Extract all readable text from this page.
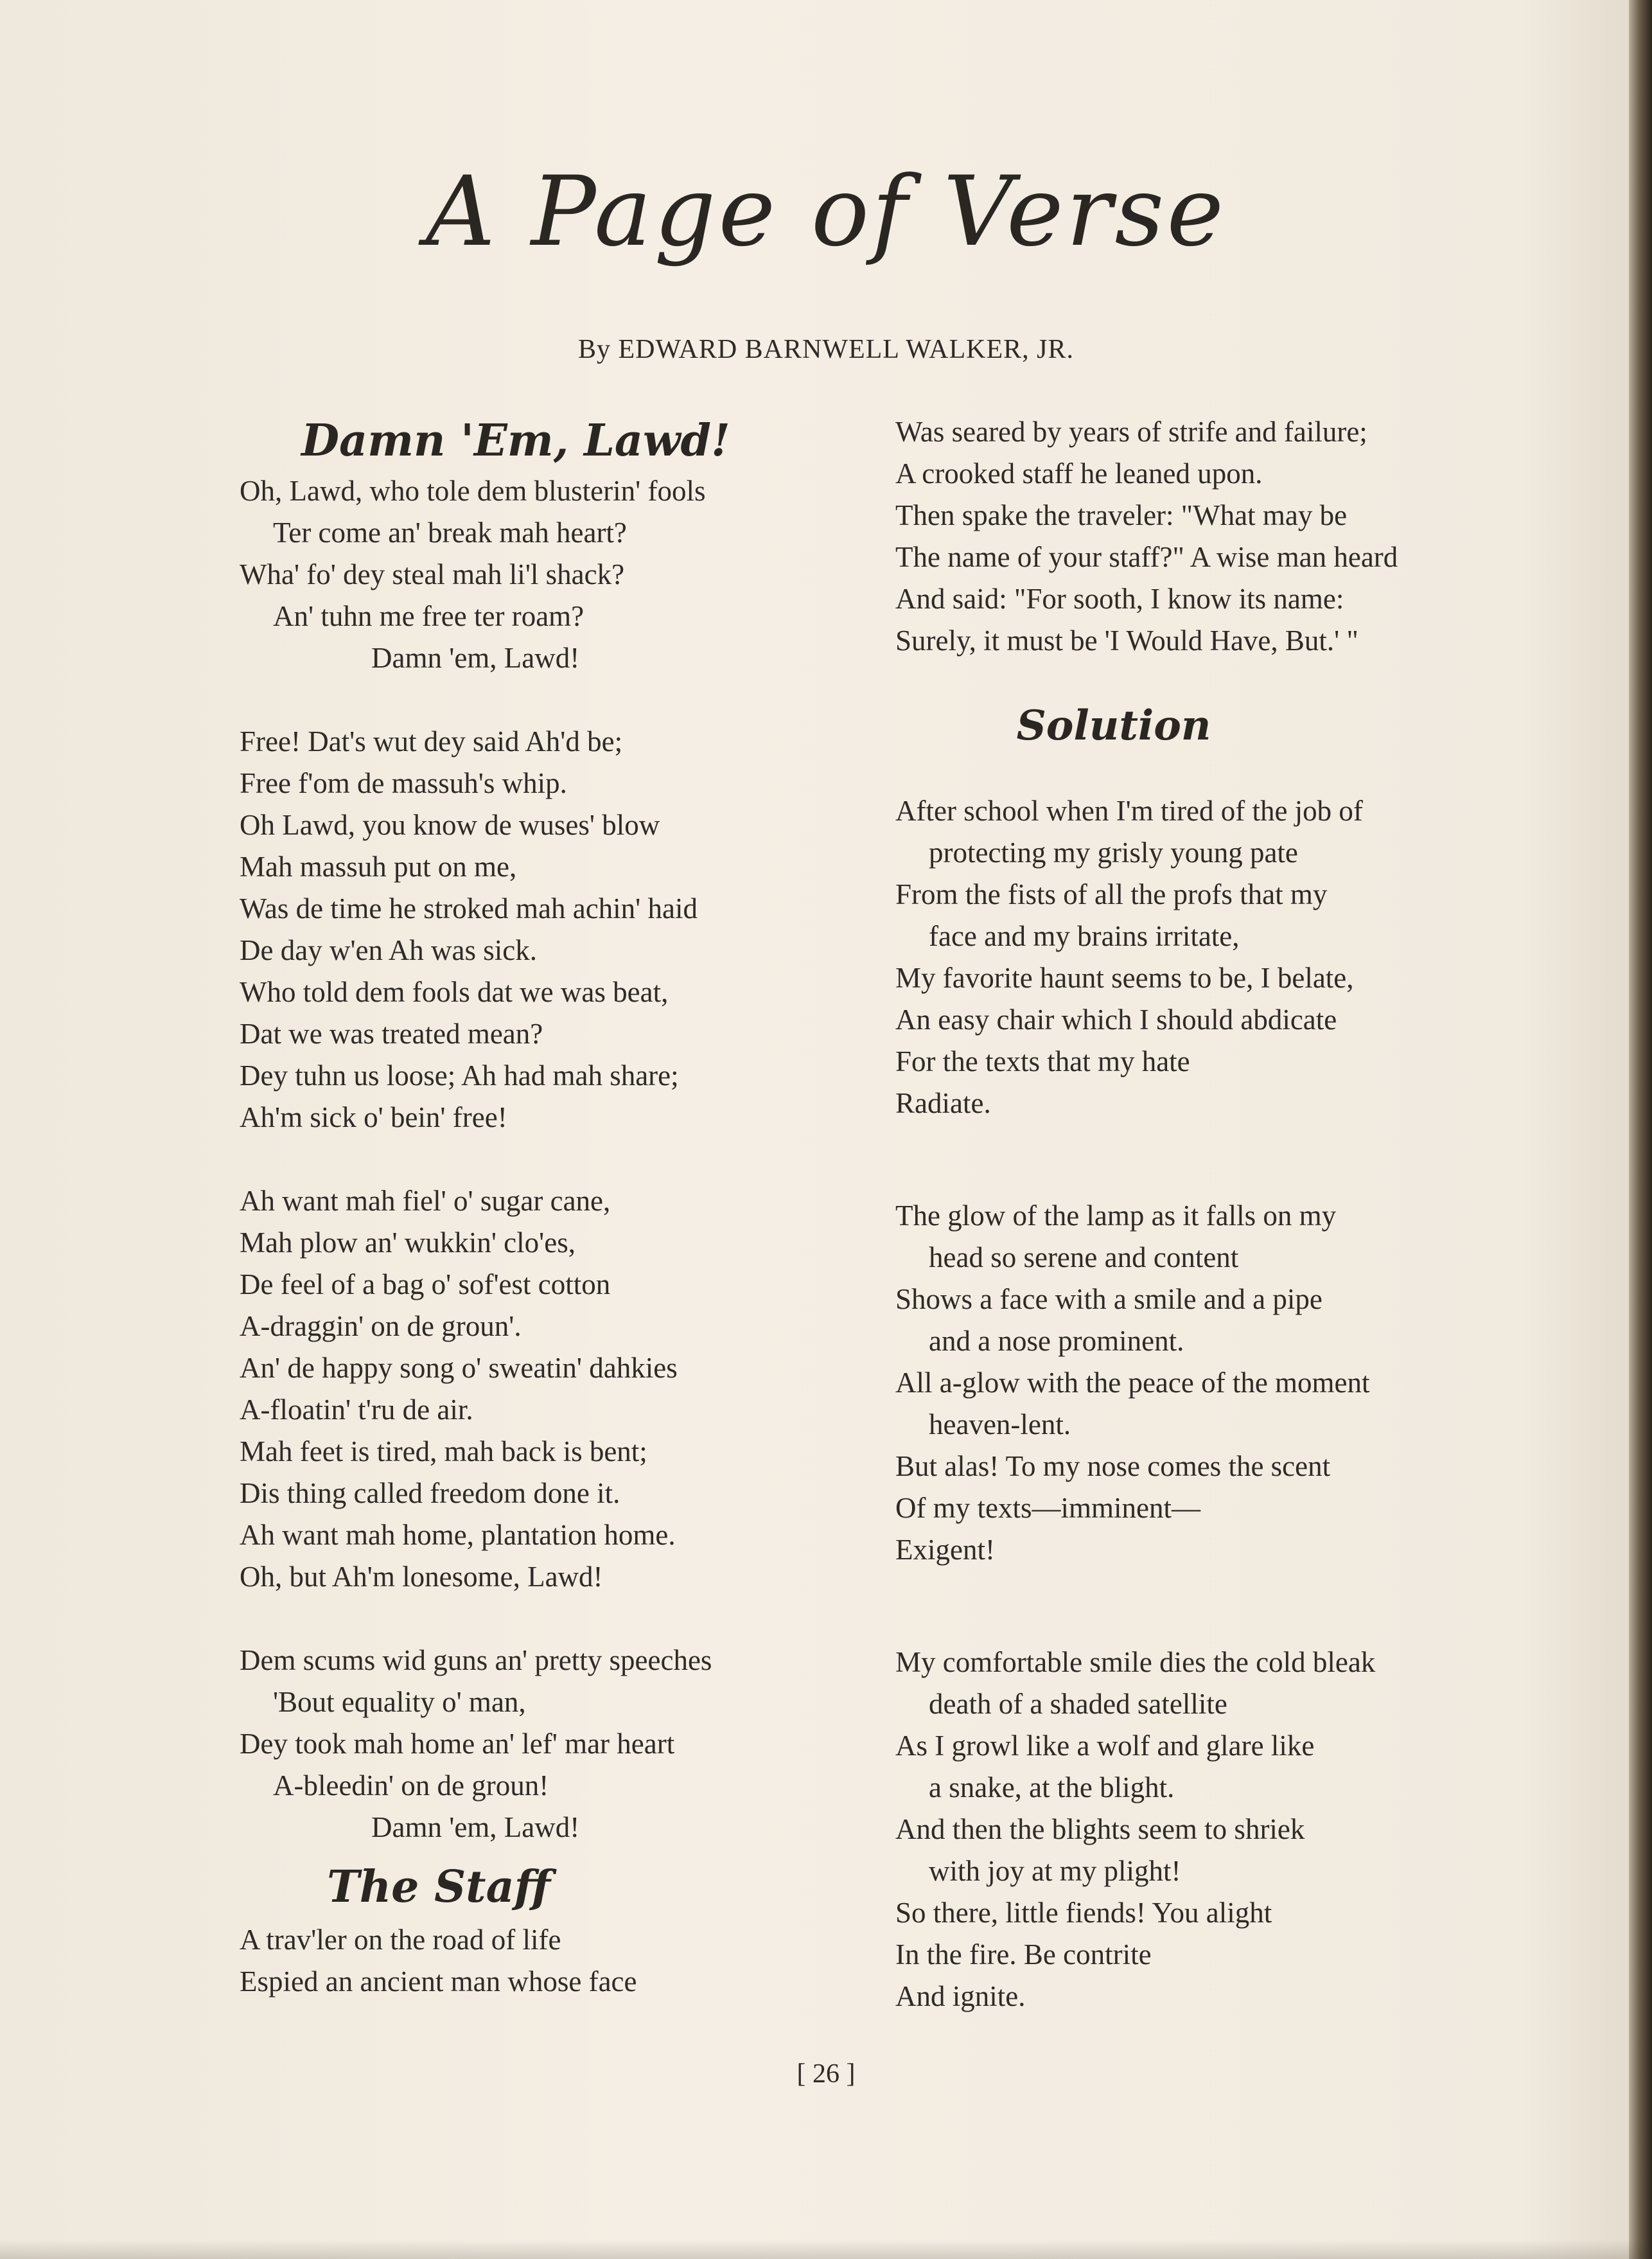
A Page of Verse
By EDWARD BARNWELL WALKER, JR.
Damn 'Em, Lawd!
Oh, Lawd, who tole dem blusterin' fools
Ter come an' break mah heart?
Wha' fo' dey steal mah li'l shack?
An' tuhn me free ter roam?
Damn 'em, Lawd!
Free! Dat's wut dey said Ah'd be;
Free f'om de massuh's whip.
Oh Lawd, you know de wuses' blow
Mah massuh put on me,
Was de time he stroked mah achin' haid
De day w'en Ah was sick.
Who told dem fools dat we was beat,
Dat we was treated mean?
Dey tuhn us loose; Ah had mah share;
Ah'm sick o' bein' free!
Ah want mah fiel' o' sugar cane,
Mah plow an' wukkin' clo'es,
De feel of a bag o' sof'est cotton
A-draggin' on de groun'.
An' de happy song o' sweatin' dahkies
A-floatin' t'ru de air.
Mah feet is tired, mah back is bent;
Dis thing called freedom done it.
Ah want mah home, plantation home.
Oh, but Ah'm lonesome, Lawd!
Dem scums wid guns an' pretty speeches
'Bout equality o' man,
Dey took mah home an' lef' mar heart
A-bleedin' on de groun!
Damn 'em, Lawd!
The Staff
A trav'ler on the road of life
Espied an ancient man whose face
Was seared by years of strife and failure;
A crooked staff he leaned upon.
Then spake the traveler: "What may be
The name of your staff?" A wise man heard
And said: "For sooth, I know its name:
Surely, it must be 'I Would Have, But.' "
Solution
After school when I'm tired of the job of
protecting my grisly young pate
From the fists of all the profs that my
face and my brains irritate,
My favorite haunt seems to be, I belate,
An easy chair which I should abdicate
For the texts that my hate
Radiate.
The glow of the lamp as it falls on my
head so serene and content
Shows a face with a smile and a pipe
and a nose prominent.
All a-glow with the peace of the moment
heaven-lent.
But alas! To my nose comes the scent
Of my texts—imminent—
Exigent!
My comfortable smile dies the cold bleak
death of a shaded satellite
As I growl like a wolf and glare like
a snake, at the blight.
And then the blights seem to shriek
with joy at my plight!
So there, little fiends! You alight
In the fire. Be contrite
And ignite.
[ 26 ]
